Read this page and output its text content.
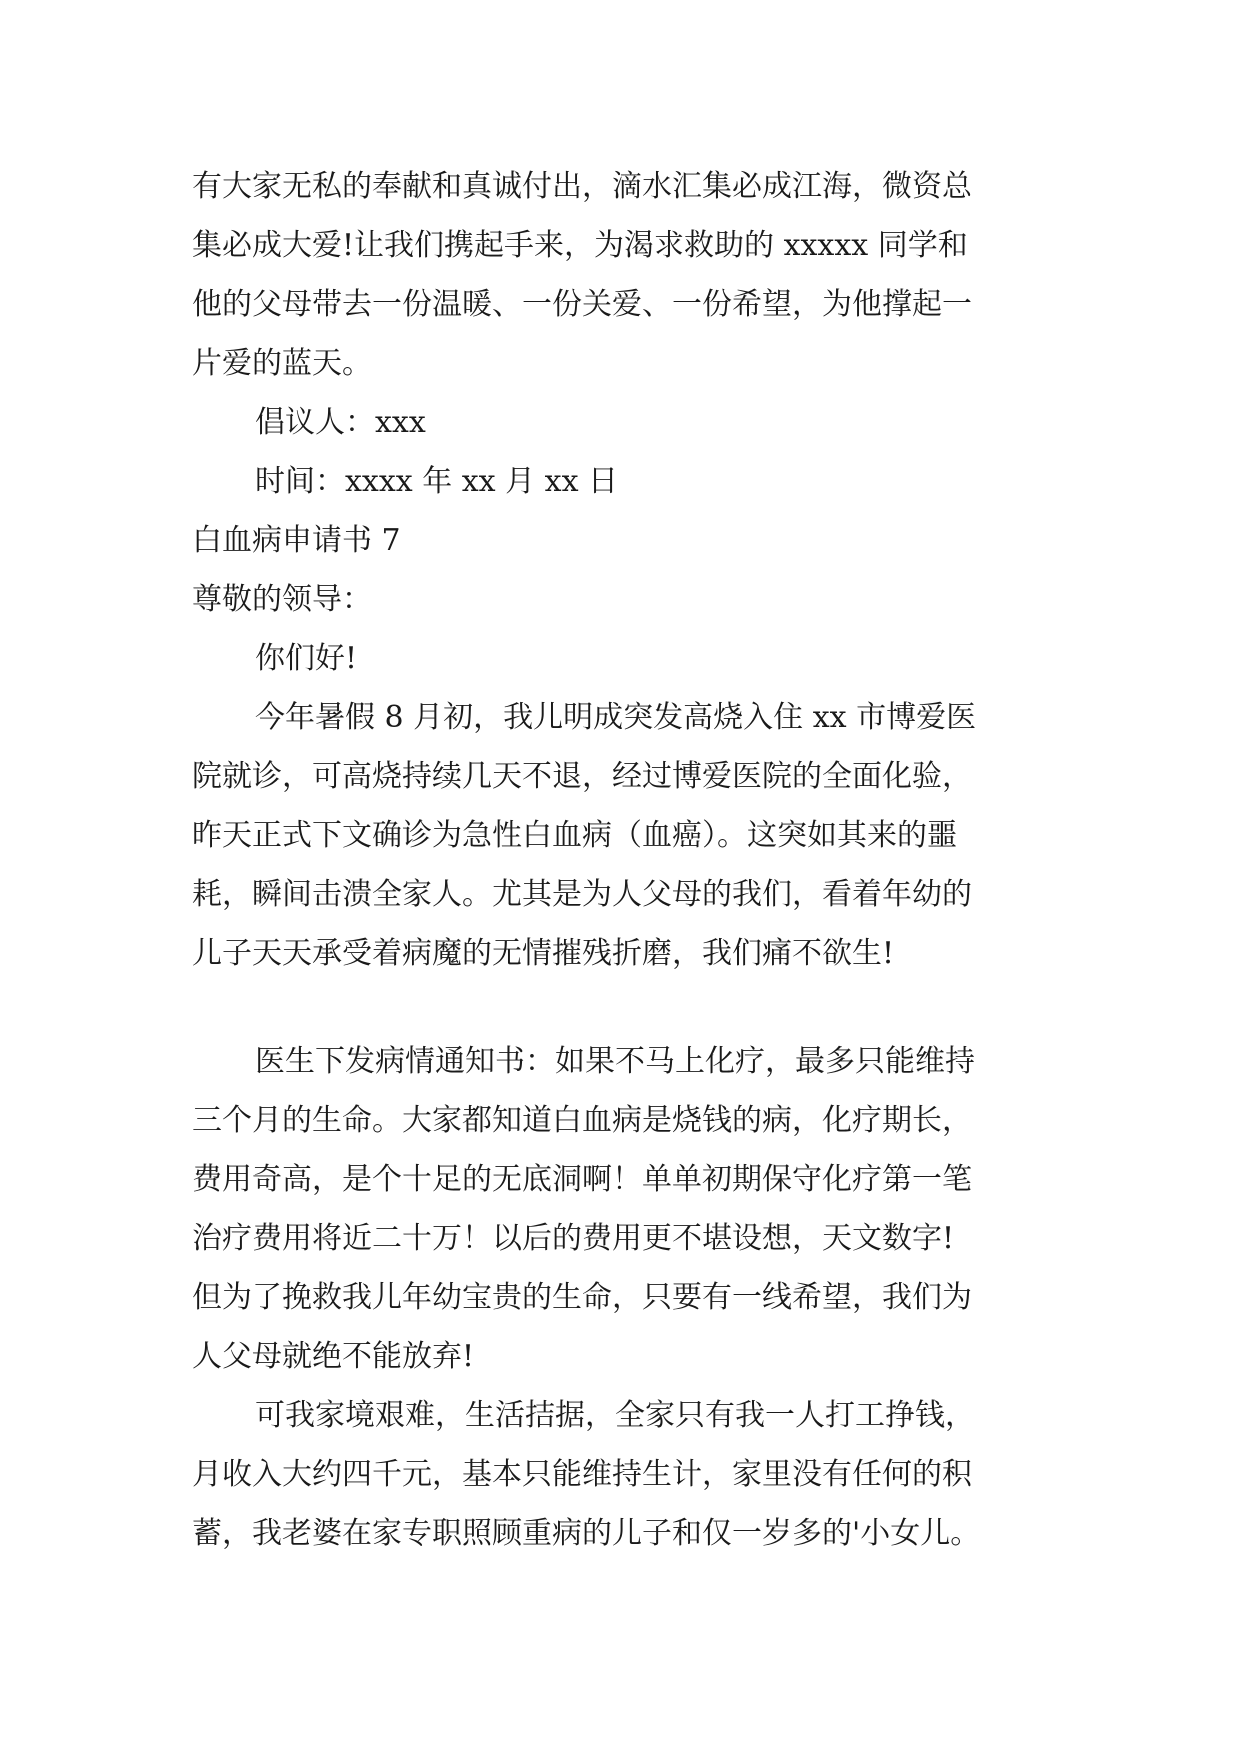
有大家无私的奉献和真诚付出，滴水汇集必成江海，微资总
集必成大爱!让我们携起手来，为渴求救助的 xxxxx 同学和
他的父母带去一份温暖、一份关爱、一份希望，为他撑起一
片爱的蓝天。
倡议人：xxx
时间：xxxx 年 xx 月 xx 日
白血病申请书 7
尊敬的领导：
你们好!
今年暑假 8 月初，我儿明成突发高烧入住 xx 市博爱医
院就诊，可高烧持续几天不退，经过博爱医院的全面化验，
昨天正式下文确诊为急性白血病（血癌）。这突如其来的噩
耗，瞬间击溃全家人。尤其是为人父母的我们，看着年幼的
儿子天天承受着病魔的无情摧残折磨，我们痛不欲生!
医生下发病情通知书：如果不马上化疗，最多只能维持
三个月的生命。大家都知道白血病是烧钱的病，化疗期长，
费用奇高，是个十足的无底洞啊！单单初期保守化疗第一笔
治疗费用将近二十万！以后的费用更不堪设想，天文数字!
但为了挽救我儿年幼宝贵的生命，只要有一线希望，我们为
人父母就绝不能放弃!
可我家境艰难，生活拮据，全家只有我一人打工挣钱，
月收入大约四千元，基本只能维持生计，家里没有任何的积
蓄，我老婆在家专职照顾重病的儿子和仅一岁多的'小女儿。
